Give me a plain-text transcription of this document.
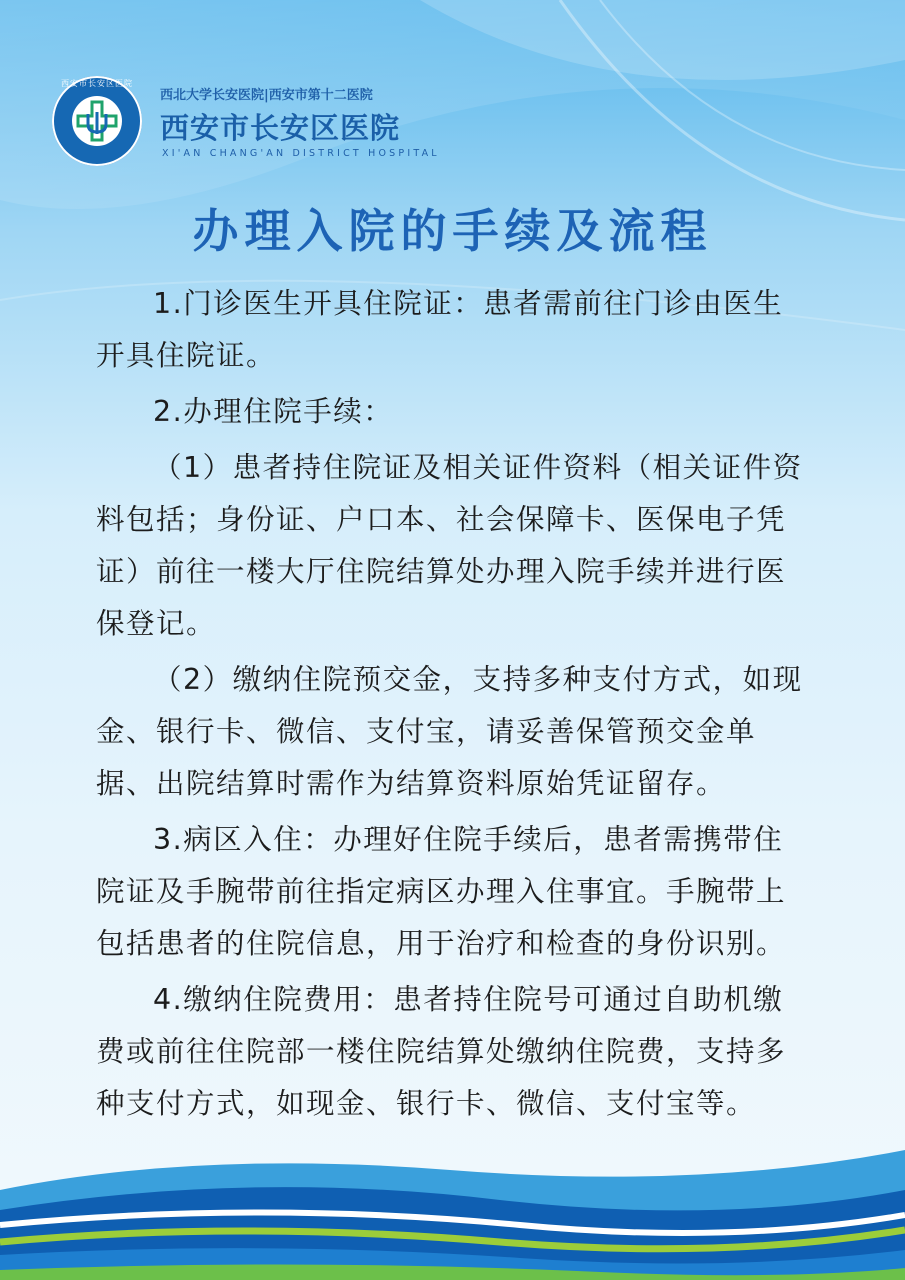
西安市长安区医院
西北大学长安医院|西安市第十二医院
西安市长安区医院
XI'AN CHANG'AN DISTRICT HOSPITAL
办理入院的手续及流程

1.门诊医生开具住院证：患者需前往门诊由医生开具住院证。

2.办理住院手续：

（1）患者持住院证及相关证件资料（相关证件资料包括；身份证、户口本、社会保障卡、医保电子凭证）前往一楼大厅住院结算处办理入院手续并进行医保登记。

（2）缴纳住院预交金，支持多种支付方式，如现金、银行卡、微信、支付宝，请妥善保管预交金单据、出院结算时需作为结算资料原始凭证留存。

3.病区入住：办理好住院手续后，患者需携带住院证及手腕带前往指定病区办理入住事宜。手腕带上包括患者的住院信息，用于治疗和检查的身份识别。

4.缴纳住院费用：患者持住院号可通过自助机缴费或前往住院部一楼住院结算处缴纳住院费，支持多种支付方式，如现金、银行卡、微信、支付宝等。
